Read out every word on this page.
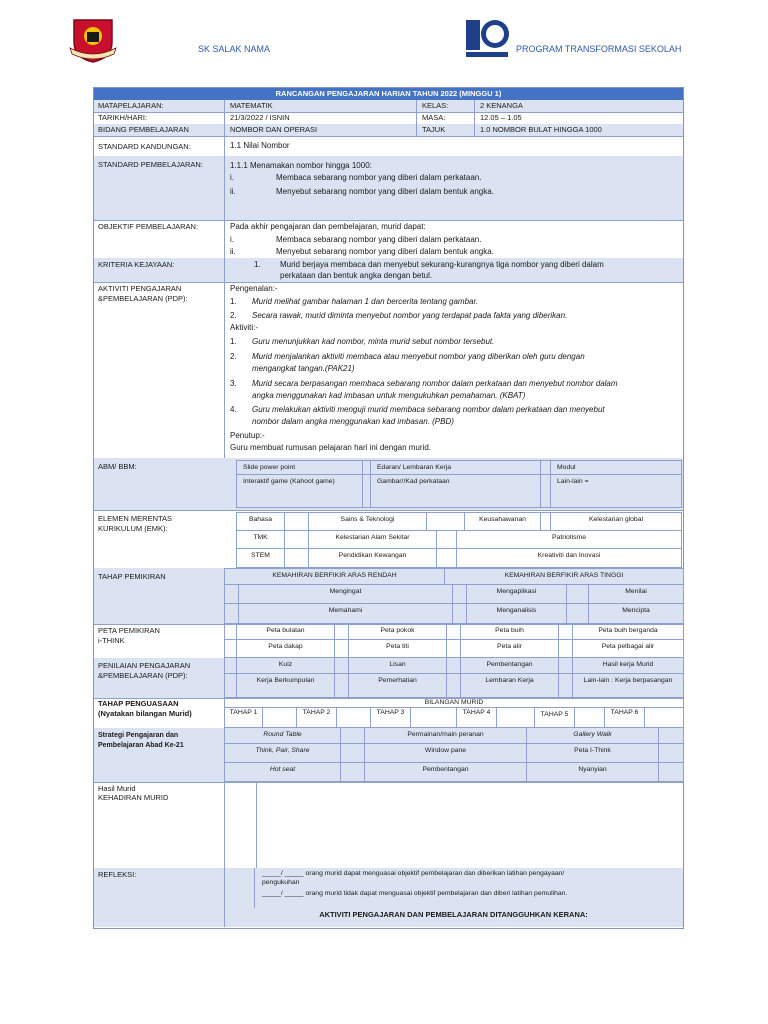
SK SALAK NAMA	PROGRAM TRANSFORMASI SEKOLAH
RANCANGAN PENGAJARAN HARIAN TAHUN 2022 (MINGGU 1)
MATAPELAJARAN:	MATEMATIK	KELAS:	2 KENANGA
TARIKH/HARI:	21/3/2022 / ISNIN	MASA:	12.05 – 1.05
BIDANG PEMBELAJARAN	NOMBOR DAN OPERASI	TAJUK	1.0 NOMBOR BULAT HINGGA 1000
STANDARD KANDUNGAN:	1.1 Nilai Nombor
STANDARD PEMBELAJARAN:	1.1.1 Menamakan nombor hingga 1000:
i.	Membaca sebarang nombor yang diberi dalam perkataan.
ii.	Menyebut sebarang nombor yang diberi dalam bentuk angka.
OBJEKTIF PEMBELAJARAN:	Pada akhir pengajaran dan pembelajaran, murid dapat:
i.	Membaca sebarang nombor yang diberi dalam perkataan.
ii.	Menyebut sebarang nombor yang diberi dalam bentuk angka.
KRITERIA KEJAYAAN:	1. Murid berjaya membaca dan menyebut sekurang-kurangnya tiga nombor yang diberi dalam
perkataan dan bentuk angka dengan betul.
AKTIVITI PENGAJARAN
&PEMBELAJARAN (PDP):
Pengenalan:-
1. Murid melihat gambar halaman 1 dan bercerita tentang gambar.
2. Secara rawak, murid diminta menyebut nombor yang terdapat pada fakta yang diberikan.
Aktiviti:-
1. Guru menunjukkan kad nombor, minta murid sebut nombor tersebut.
2. Murid menjalankan aktiviti membaca atau menyebut nombor yang diberikan oleh guru dengan
mengangkat tangan.(PAK21)
3. Murid secara berpasangan membaca sebarang nombor dalam perkataan dan menyebut nombor dalam
angka menggunakan kad imbasan untuk mengukuhkan pemahaman. (KBAT)
4. Guru melakukan aktiviti menguji murid membaca sebarang nombor dalam perkataan dan menyebut
nombor dalam angka menggunakan kad imbasan. (PBD)
Penutup:-
Guru membuat rumusan pelajaran hari ini dengan murid.
ABM/ BBM:	Slide power point	Edaran/ Lembaran Kerja	Modul
Interaktif game (Kahoot game)	Gambar//Kad perkataan	Lain-lain =
ELEMEN MERENTAS
KURIKULUM (EMK):
Bahasa	Sains & Teknologi	Keusahawanan	Kelestarian global
TMK	Kelestarian Alam Sekitar	Patriotisme
STEM	Pendidikan Kewangan	Kreativiti dan Inovasi
TAHAP PEMIKIRAN	KEMAHIRAN BERFIKIR ARAS RENDAH	KEMAHIRAN BERFIKIR ARAS TINGGI
Mengingat	Mengaplikasi	Menilai
Memahami	Menganalisis	Mencipta
PETA PEMIKIRAN
i-THINK
Peta bulatan	Peta pokok	Peta buih	Peta buih berganda
Peta dakap	Peta titi	Peta alir	Peta pelbagai alir
PENILAIAN PENGAJARAN
&PEMBELAJARAN (PDP):
Kuiz	Lisan	Pembentangan	Hasil kerja Murid
Kerja Berkumpulan	Pemerhatian	Lembaran Kerja	Lain-lain : Kerja berpasangan
TAHAP PENGUASAAN
(Nyatakan bilangan Murid)
BILANGAN MURID
TAHAP 1	TAHAP 2	TAHAP 3	TAHAP 4	TAHAP 5	TAHAP 6
Strategi Pengajaran dan
Pembelajaran Abad Ke-21
Round Table	Permainan/main peranan	Gallery Walk
Think, Pair, Share	Window pane	Peta I-Think
Hot seat	Pembentangan	Nyanyian
Hasil Murid
KEHADIRAN MURID
REFLEKSI:	_____/ _____ orang murid dapat menguasai objektif pembelajaran dan diberikan latihan pengayaan/
pengukuhan
_____/ _____ orang murid tidak dapat menguasai objektif pembelajaran dan diberi latihan pemulihan.
AKTIVITI PENGAJARAN DAN PEMBELAJARAN DITANGGUHKAN KERANA:
